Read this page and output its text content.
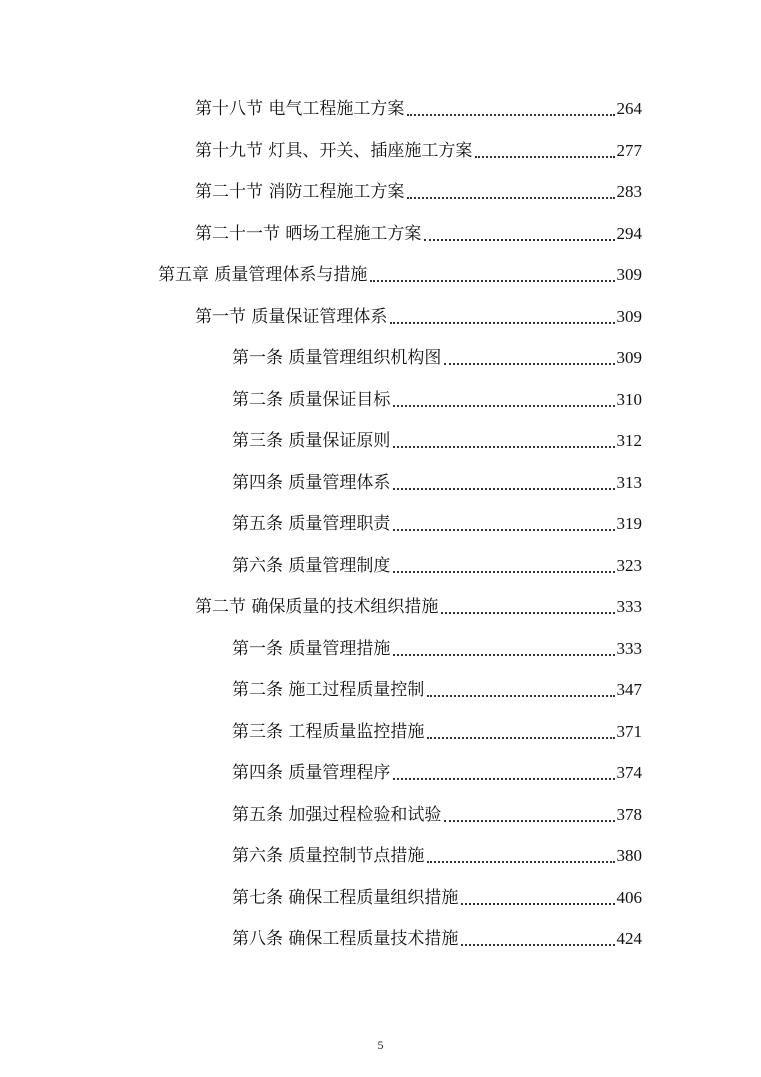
第十八节 电气工程施工方案	264
第十九节 灯具、开关、插座施工方案	277
第二十节 消防工程施工方案	283
第二十一节 晒场工程施工方案	294
第五章 质量管理体系与措施	309
第一节 质量保证管理体系	309
第一条 质量管理组织机构图	309
第二条 质量保证目标	310
第三条 质量保证原则	312
第四条 质量管理体系	313
第五条 质量管理职责	319
第六条 质量管理制度	323
第二节 确保质量的技术组织措施	333
第一条 质量管理措施	333
第二条 施工过程质量控制	347
第三条 工程质量监控措施	371
第四条 质量管理程序	374
第五条 加强过程检验和试验	378
第六条 质量控制节点措施	380
第七条 确保工程质量组织措施	406
第八条 确保工程质量技术措施	424
5
